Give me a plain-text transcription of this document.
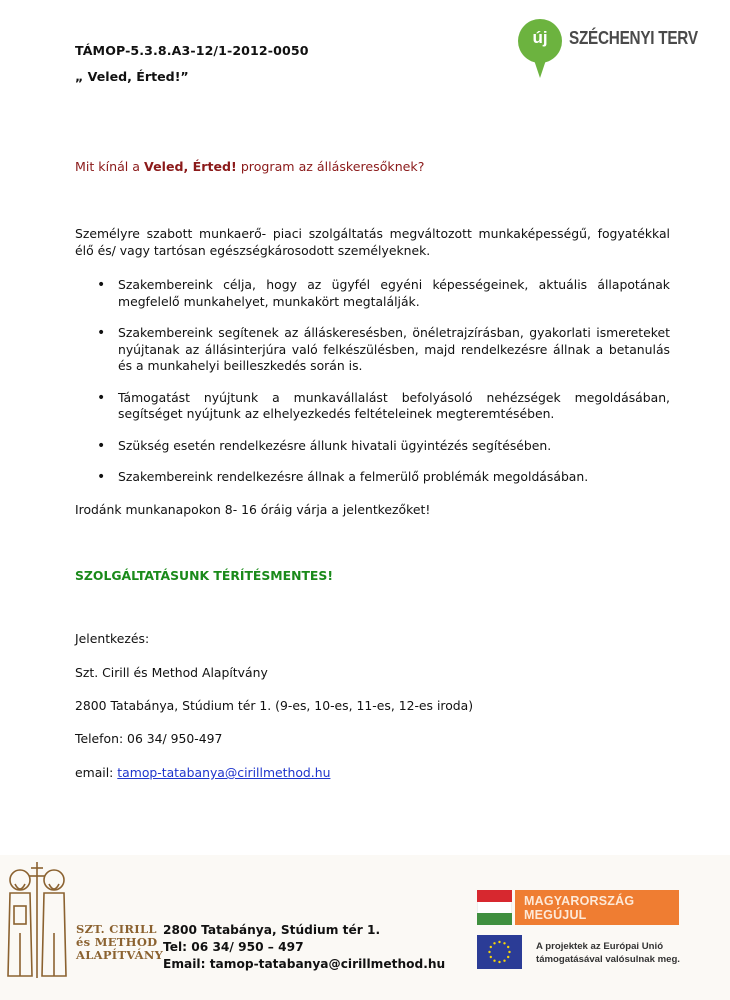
TÁMOP-5.3.8.A3-12/1-2012-0050
„ Veled, Érted!”
új	SZÉCHENYI TERV
Mit kínál a Veled, Érted! program az álláskeresőknek?
Személyre szabott munkaerő- piaci szolgáltatás megváltozott munkaképességű, fogyatékkal élő és/ vagy tartósan egészségkárosodott személyeknek.
• Szakembereink célja, hogy az ügyfél egyéni képességeinek, aktuális állapotának megfelelő munkahelyet, munkakört megtalálják.
• Szakembereink segítenek az álláskeresésben, önéletrajzírásban, gyakorlati ismereteket nyújtanak az állásinterjúra való felkészülésben, majd rendelkezésre állnak a betanulás és a munkahelyi beilleszkedés során is.
• Támogatást nyújtunk a munkavállalást befolyásoló nehézségek megoldásában, segítséget nyújtunk az elhelyezkedés feltételeinek megteremtésében.
• Szükség esetén rendelkezésre állunk hivatali ügyintézés segítésében.
• Szakembereink rendelkezésre állnak a felmerülő problémák megoldásában.
Irodánk munkanapokon 8- 16 óráig várja a jelentkezőket!
SZOLGÁLTATÁSUNK TÉRÍTÉSMENTES!
Jelentkezés:
Szt. Cirill és Method Alapítvány
2800 Tatabánya, Stúdium tér 1. (9-es, 10-es, 11-es, 12-es iroda)
Telefon: 06 34/ 950-497
email: tamop-tatabanya@cirillmethod.hu
SZT. CIRILL
és METHOD
ALAPÍTVÁNY
2800 Tatabánya, Stúdium tér 1.
Tel: 06 34/ 950 – 497
Email: tamop-tatabanya@cirillmethod.hu
MAGYARORSZÁG MEGÚJUL
A projektek az Európai Unió
támogatásával valósulnak meg.
